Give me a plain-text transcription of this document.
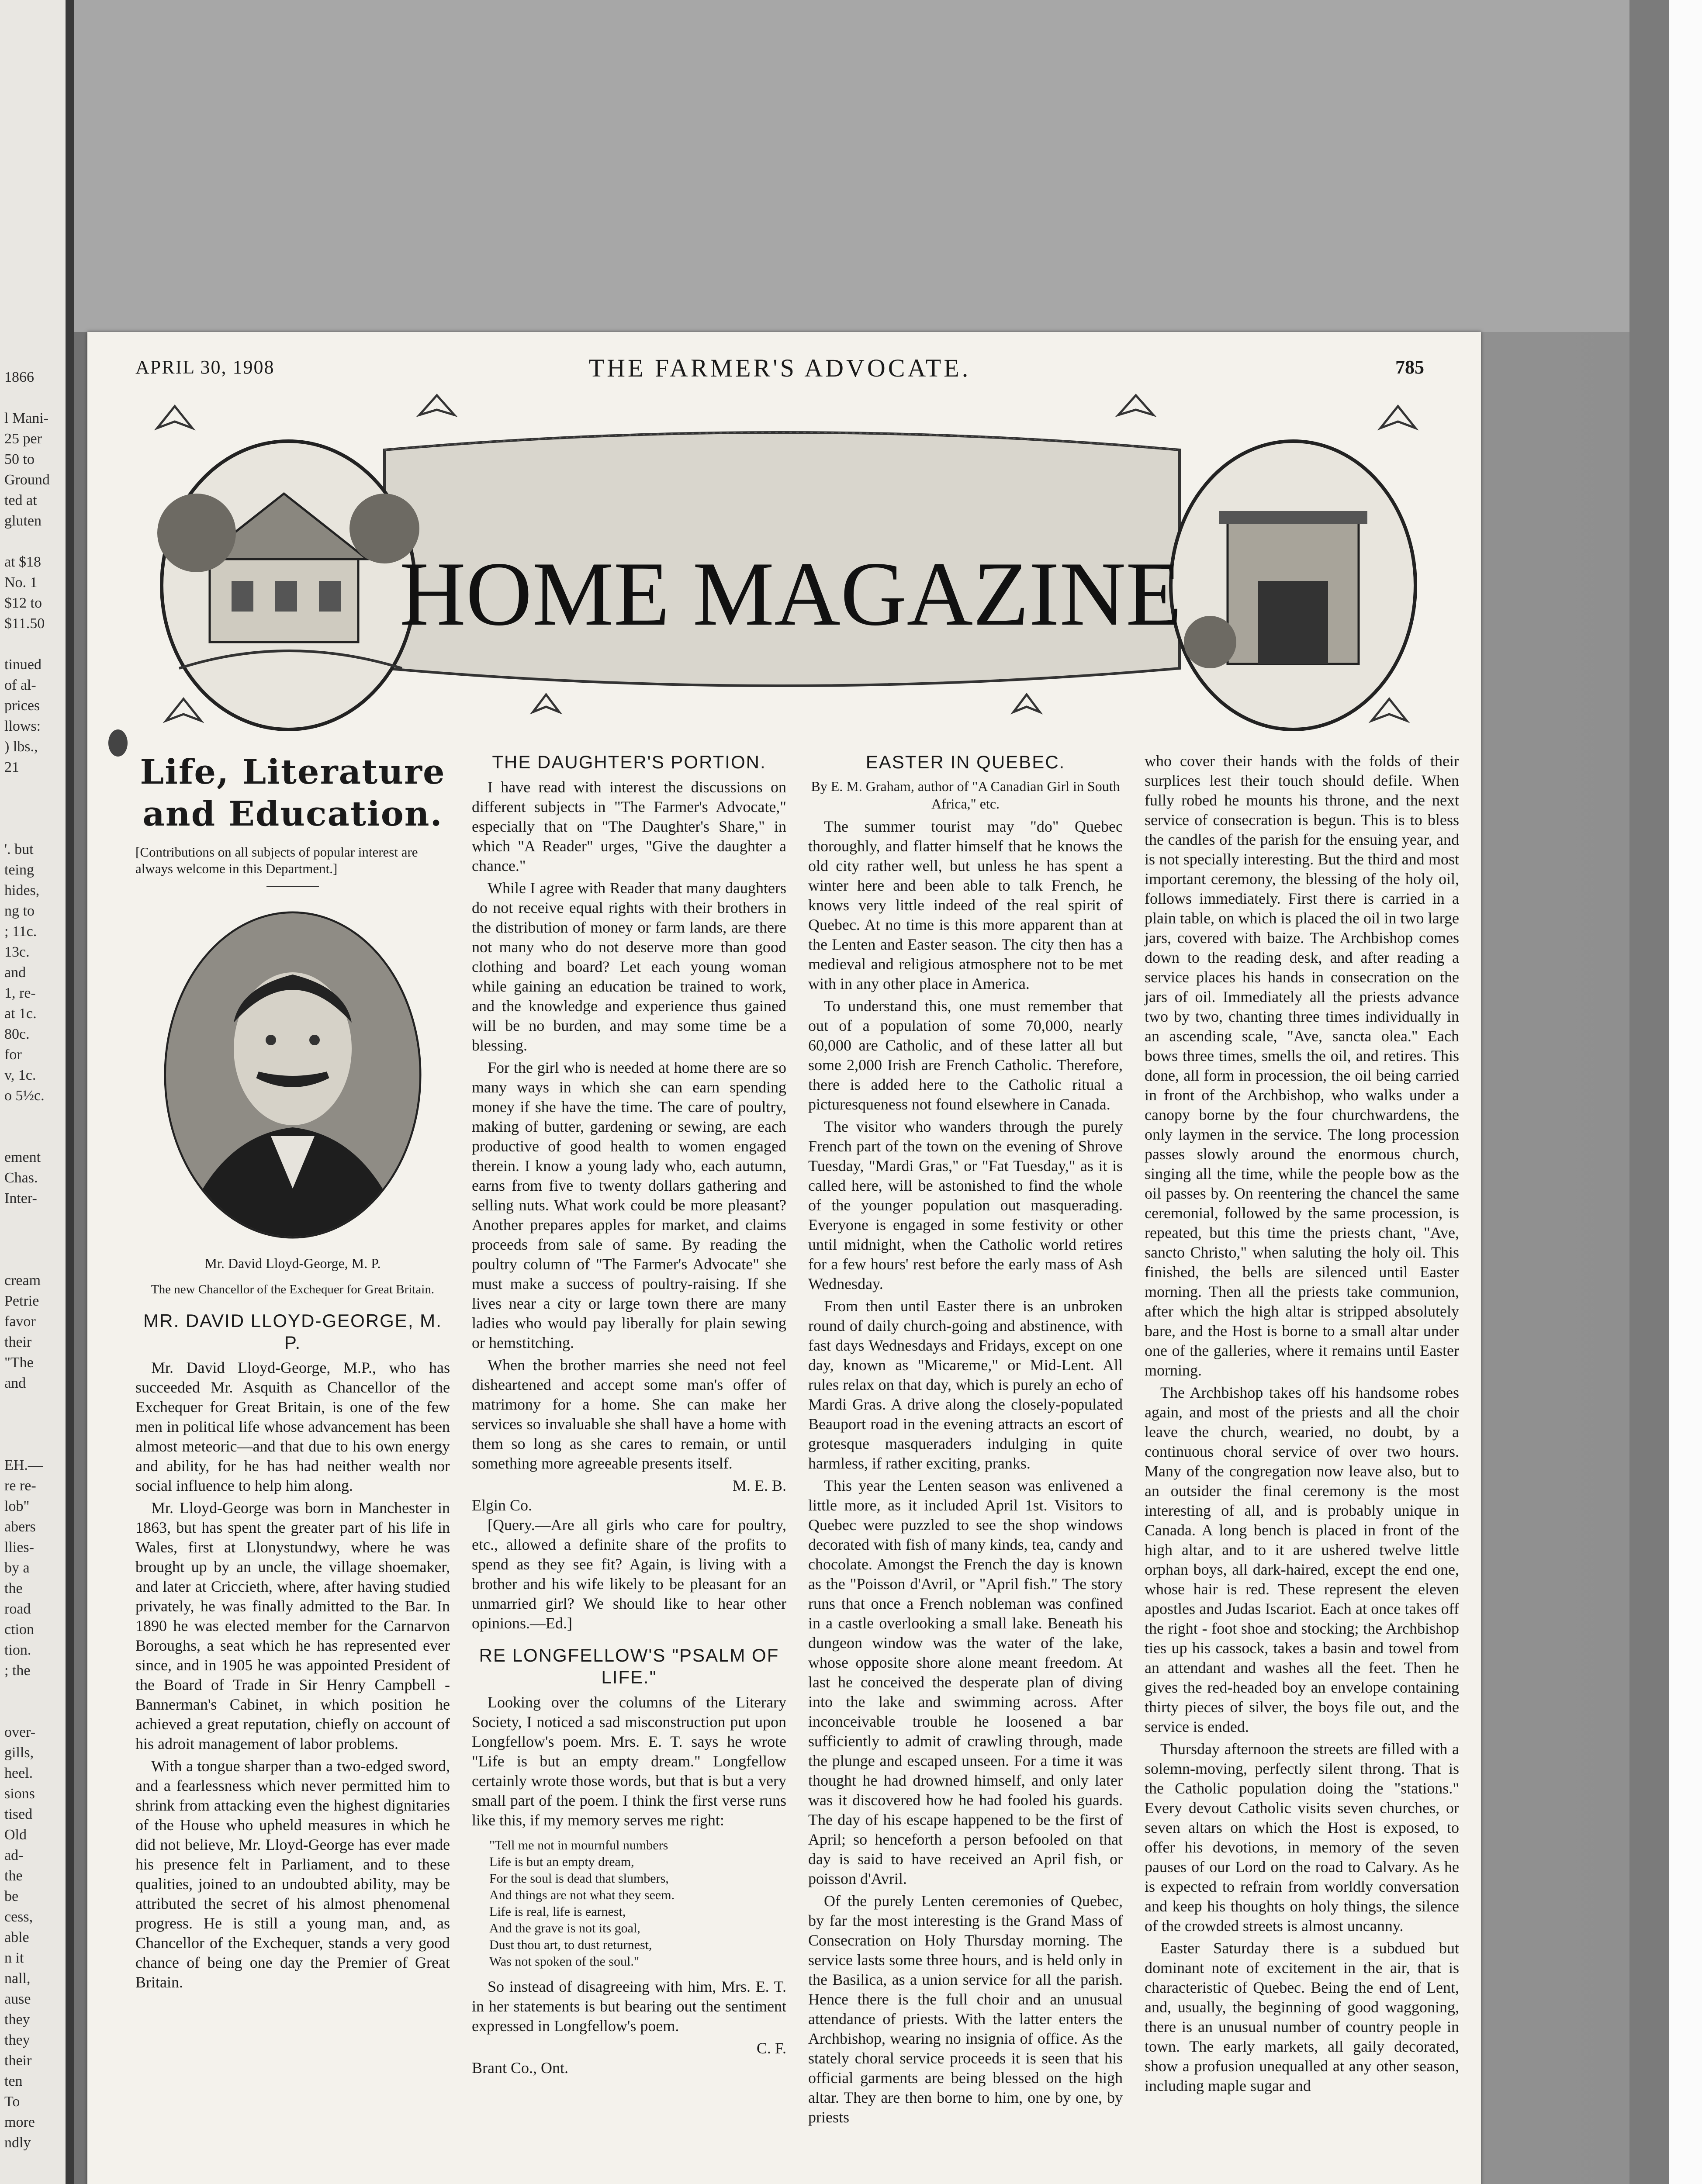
1866

l Mani-
25 per
50 to
Ground
ted at
gluten

at $18
No. 1
$12 to
$11.50

tinued
of al-
prices
llows:
) lbs.,
21

'. but
teing
hides,
ng to
; 11c.
13c.
and
1, re-
at 1c.
80c.
for
v, 1c.
o 5½c.

ement
Chas.
Inter-

cream
Petrie
favor
their
"The
and

EH.—
re re-
lob"
abers
llies-
by a
the
road
ction
tion.
; the

over-
gills,
heel.
sions
tised
Old
ad-
the
be
cess,
able
n it
nall,
ause
they
they
their
ten
To
more
ndly

APRIL 30, 1908	THE FARMER'S ADVOCATE.	785
HOME MAGAZINE
Life, Literature
and Education.
[Contributions on all subjects of popular interest are always welcome in this Department.]
Mr. David Lloyd-George, M. P.
The new Chancellor of the Exchequer for Great Britain.
MR. DAVID LLOYD-GEORGE, M. P.

Mr. David Lloyd-George, M.P., who has succeeded Mr. Asquith as Chancellor of the Exchequer for Great Britain, is one of the few men in political life whose advancement has been almost meteoric—and that due to his own energy and ability, for he has had neither wealth nor social influence to help him along.

Mr. Lloyd-George was born in Manchester in 1863, but has spent the greater part of his life in Wales, first at Llonystundwy, where he was brought up by an uncle, the village shoemaker, and later at Criccieth, where, after having studied privately, he was finally admitted to the Bar. In 1890 he was elected member for the Carnarvon Boroughs, a seat which he has represented ever since, and in 1905 he was appointed President of the Board of Trade in Sir Henry Campbell - Bannerman's Cabinet, in which position he achieved a great reputation, chiefly on account of his adroit management of labor problems.

With a tongue sharper than a two-edged sword, and a fearlessness which never permitted him to shrink from attacking even the highest dignitaries of the House who upheld measures in which he did not believe, Mr. Lloyd-George has ever made his presence felt in Parliament, and to these qualities, joined to an undoubted ability, may be attributed the secret of his almost phenomenal progress. He is still a young man, and, as Chancellor of the Exchequer, stands a very good chance of being one day the Premier of Great Britain.

THE DAUGHTER'S PORTION.

I have read with interest the discussions on different subjects in "The Farmer's Advocate," especially that on "The Daughter's Share," in which "A Reader" urges, "Give the daughter a chance."

While I agree with Reader that many daughters do not receive equal rights with their brothers in the distribution of money or farm lands, are there not many who do not deserve more than good clothing and board? Let each young woman while gaining an education be trained to work, and the knowledge and experience thus gained will be no burden, and may some time be a blessing.

For the girl who is needed at home there are so many ways in which she can earn spending money if she have the time. The care of poultry, making of butter, gardening or sewing, are each productive of good health to women engaged therein. I know a young lady who, each autumn, earns from five to twenty dollars gathering and selling nuts. What work could be more pleasant? Another prepares apples for market, and claims proceeds from sale of same. By reading the poultry column of "The Farmer's Advocate" she must make a success of poultry-raising. If she lives near a city or large town there are many ladies who would pay liberally for plain sewing or hemstitching.

When the brother marries she need not feel disheartened and accept some man's offer of matrimony for a home. She can make her services so invaluable she shall have a home with them so long as she cares to remain, or until something more agreeable presents itself.

M. E. B.
Elgin Co.

[Query.—Are all girls who care for poultry, etc., allowed a definite share of the profits to spend as they see fit? Again, is living with a brother and his wife likely to be pleasant for an unmarried girl? We should like to hear other opinions.—Ed.]

RE LONGFELLOW'S "PSALM OF LIFE."

Looking over the columns of the Literary Society, I noticed a sad misconstruction put upon Longfellow's poem. Mrs. E. T. says he wrote "Life is but an empty dream." Longfellow certainly wrote those words, but that is but a very small part of the poem. I think the first verse runs like this, if my memory serves me right:

"Tell me not in mournful numbers
Life is but an empty dream,
For the soul is dead that slumbers,
And things are not what they seem.
Life is real, life is earnest,
And the grave is not its goal,
Dust thou art, to dust returnest,
Was not spoken of the soul."

So instead of disagreeing with him, Mrs. E. T. in her statements is but bearing out the sentiment expressed in Longfellow's poem.

C. F.
Brant Co., Ont.
EASTER IN QUEBEC.
By E. M. Graham, author of "A Canadian Girl in South Africa," etc.

The summer tourist may "do" Quebec thoroughly, and flatter himself that he knows the old city rather well, but unless he has spent a winter here and been able to talk French, he knows very little indeed of the real spirit of Quebec. At no time is this more apparent than at the Lenten and Easter season. The city then has a medieval and religious atmosphere not to be met with in any other place in America.

To understand this, one must remember that out of a population of some 70,000, nearly 60,000 are Catholic, and of these latter all but some 2,000 Irish are French Catholic. Therefore, there is added here to the Catholic ritual a picturesqueness not found elsewhere in Canada.

The visitor who wanders through the purely French part of the town on the evening of Shrove Tuesday, "Mardi Gras," or "Fat Tuesday," as it is called here, will be astonished to find the whole of the younger population out masquerading. Everyone is engaged in some festivity or other until midnight, when the Catholic world retires for a few hours' rest before the early mass of Ash Wednesday.

From then until Easter there is an unbroken round of daily church-going and abstinence, with fast days Wednesdays and Fridays, except on one day, known as "Micareme," or Mid-Lent. All rules relax on that day, which is purely an echo of Mardi Gras. A drive along the closely-populated Beauport road in the evening attracts an escort of grotesque masqueraders indulging in quite harmless, if rather exciting, pranks.

This year the Lenten season was enlivened a little more, as it included April 1st. Visitors to Quebec were puzzled to see the shop windows decorated with fish of many kinds, tea, candy and chocolate. Amongst the French the day is known as the "Poisson d'Avril, or "April fish." The story runs that once a French nobleman was confined in a castle overlooking a small lake. Beneath his dungeon window was the water of the lake, whose opposite shore alone meant freedom. At last he conceived the desperate plan of diving into the lake and swimming across. After inconceivable trouble he loosened a bar sufficiently to admit of crawling through, made the plunge and escaped unseen. For a time it was thought he had drowned himself, and only later was it discovered how he had fooled his guards. The day of his escape happened to be the first of April; so henceforth a person befooled on that day is said to have received an April fish, or poisson d'Avril.

Of the purely Lenten ceremonies of Quebec, by far the most interesting is the Grand Mass of Consecration on Holy Thursday morning. The service lasts some three hours, and is held only in the Basilica, as a union service for all the parish. Hence there is the full choir and an unusual attendance of priests. With the latter enters the Archbishop, wearing no insignia of office. As the stately choral service proceeds it is seen that his official garments are being blessed on the high altar. They are then borne to him, one by one, by priests

who cover their hands with the folds of their surplices lest their touch should defile. When fully robed he mounts his throne, and the next service of consecration is begun. This is to bless the candles of the parish for the ensuing year, and is not specially interesting. But the third and most important ceremony, the blessing of the holy oil, follows immediately. First there is carried in a plain table, on which is placed the oil in two large jars, covered with baize. The Archbishop comes down to the reading desk, and after reading a service places his hands in consecration on the jars of oil. Immediately all the priests advance two by two, chanting three times individually in an ascending scale, "Ave, sancta olea." Each bows three times, smells the oil, and retires. This done, all form in procession, the oil being carried in front of the Archbishop, who walks under a canopy borne by the four churchwardens, the only laymen in the service. The long procession passes slowly around the enormous church, singing all the time, while the people bow as the oil passes by. On reentering the chancel the same ceremonial, followed by the same procession, is repeated, but this time the priests chant, "Ave, sancto Christo," when saluting the holy oil. This finished, the bells are silenced until Easter morning. Then all the priests take communion, after which the high altar is stripped absolutely bare, and the Host is borne to a small altar under one of the galleries, where it remains until Easter morning.

The Archbishop takes off his handsome robes again, and most of the priests and all the choir leave the church, wearied, no doubt, by a continuous choral service of over two hours. Many of the congregation now leave also, but to an outsider the final ceremony is the most interesting of all, and is probably unique in Canada. A long bench is placed in front of the high altar, and to it are ushered twelve little orphan boys, all dark-haired, except the end one, whose hair is red. These represent the eleven apostles and Judas Iscariot. Each at once takes off the right - foot shoe and stocking; the Archbishop ties up his cassock, takes a basin and towel from an attendant and washes all the feet. Then he gives the red-headed boy an envelope containing thirty pieces of silver, the boys file out, and the service is ended.

Thursday afternoon the streets are filled with a solemn-moving, perfectly silent throng. That is the Catholic population doing the "stations." Every devout Catholic visits seven churches, or seven altars on which the Host is exposed, to offer his devotions, in memory of the seven pauses of our Lord on the road to Calvary. As he is expected to refrain from worldly conversation and keep his thoughts on holy things, the silence of the crowded streets is almost uncanny.

Easter Saturday there is a subdued but dominant note of excitement in the air, that is characteristic of Quebec. Being the end of Lent, and, usually, the beginning of good waggoning, there is an unusual number of country people in town. The early markets, all gaily decorated, show a profusion unequalled at any other season, including maple sugar and
